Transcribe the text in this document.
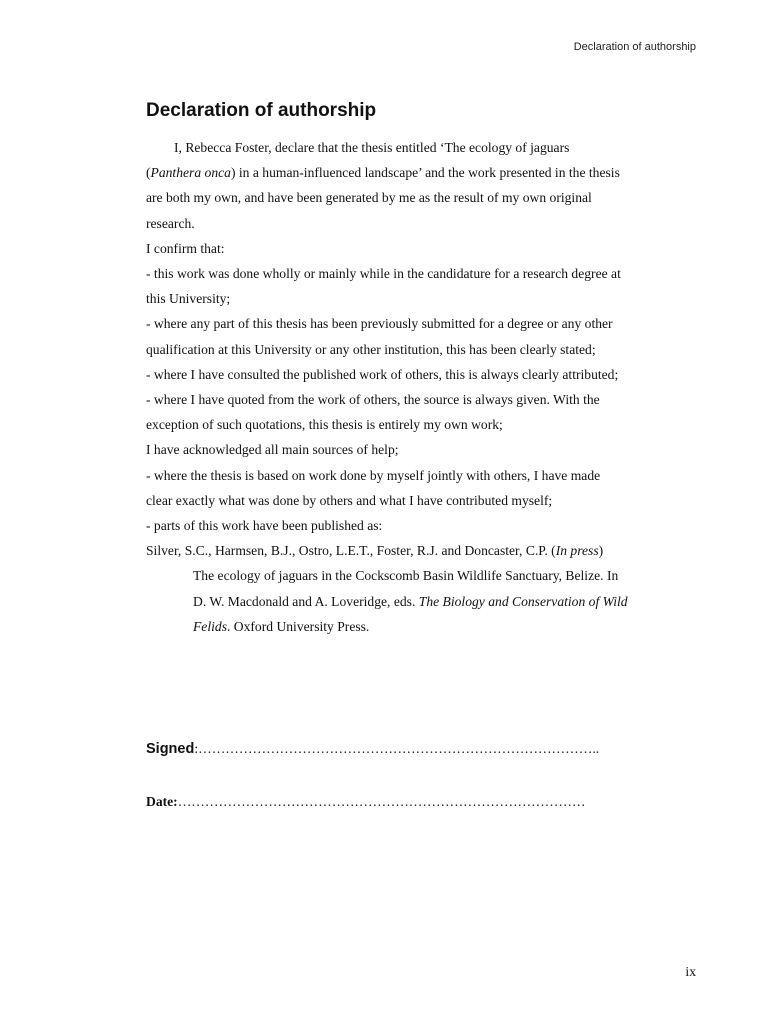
Declaration of authorship
Declaration of authorship
I, Rebecca Foster, declare that the thesis entitled ‘The ecology of jaguars
(Panthera onca) in a human-influenced landscape’ and the work presented in the thesis
are both my own, and have been generated by me as the result of my own original
research.
I confirm that:
- this work was done wholly or mainly while in the candidature for a research degree at
this University;
- where any part of this thesis has been previously submitted for a degree or any other
qualification at this University or any other institution, this has been clearly stated;
- where I have consulted the published work of others, this is always clearly attributed;
- where I have quoted from the work of others, the source is always given. With the
exception of such quotations, this thesis is entirely my own work;
I have acknowledged all main sources of help;
- where the thesis is based on work done by myself jointly with others, I have made
clear exactly what was done by others and what I have contributed myself;
- parts of this work have been published as:
Silver, S.C., Harmsen, B.J., Ostro, L.E.T., Foster, R.J. and Doncaster, C.P. (In press)
The ecology of jaguars in the Cockscomb Basin Wildlife Sanctuary, Belize. In
D. W. Macdonald and A. Loveridge, eds. The Biology and Conservation of Wild
Felids. Oxford University Press.
Signed:……………………………………………………………………………..
Date:………………………………………………………………………………
ix
